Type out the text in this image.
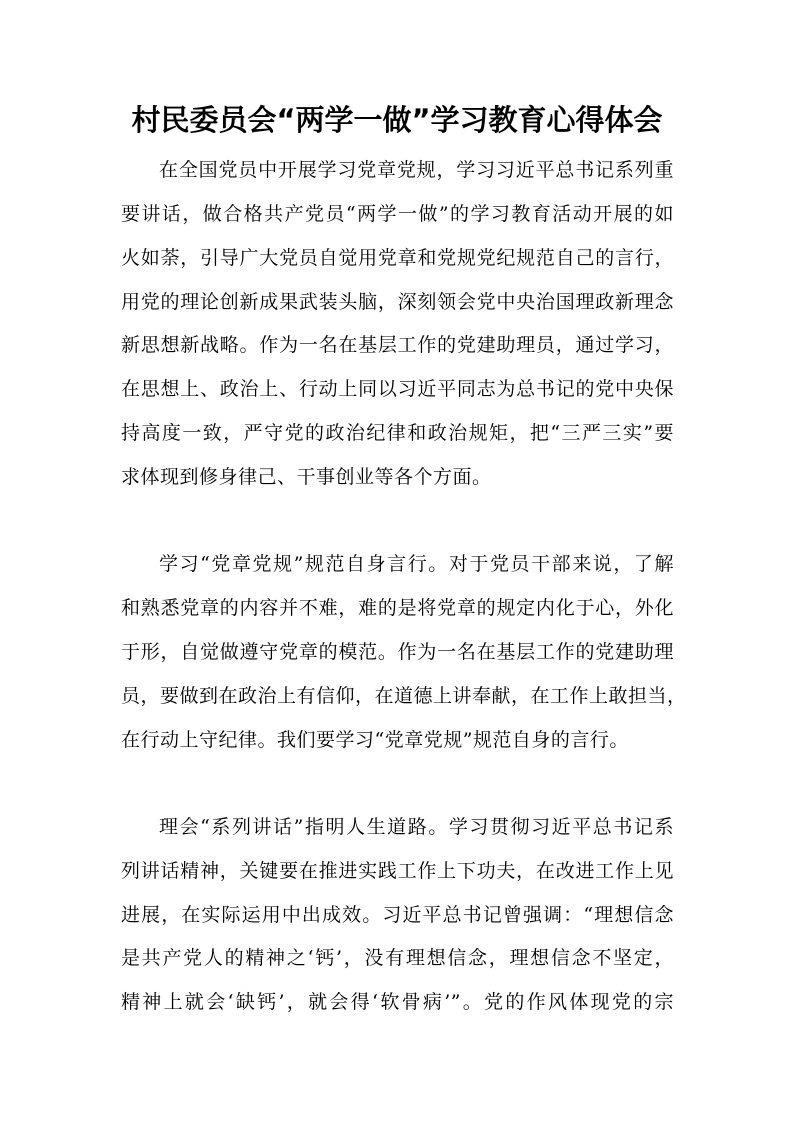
村民委员会“两学一做”学习教育心得体会
在全国党员中开展学习党章党规，学习习近平总书记系列重
要讲话，做合格共产党员“两学一做”的学习教育活动开展的如
火如荼，引导广大党员自觉用党章和党规党纪规范自己的言行，
用党的理论创新成果武装头脑，深刻领会党中央治国理政新理念
新思想新战略。作为一名在基层工作的党建助理员，通过学习，
在思想上、政治上、行动上同以习近平同志为总书记的党中央保
持高度一致，严守党的政治纪律和政治规矩，把“三严三实”要
求体现到修身律己、干事创业等各个方面。
学习“党章党规”规范自身言行。对于党员干部来说，了解
和熟悉党章的内容并不难，难的是将党章的规定内化于心，外化
于形，自觉做遵守党章的模范。作为一名在基层工作的党建助理
员，要做到在政治上有信仰，在道德上讲奉献，在工作上敢担当，
在行动上守纪律。我们要学习“党章党规”规范自身的言行。
理会“系列讲话”指明人生道路。学习贯彻习近平总书记系
列讲话精神，关键要在推进实践工作上下功夫，在改进工作上见
进展，在实际运用中出成效。习近平总书记曾强调：“理想信念
是共产党人的精神之‘钙’，没有理想信念，理想信念不坚定，
精神上就会‘缺钙’，就会得‘软骨病’”。党的作风体现党的宗
